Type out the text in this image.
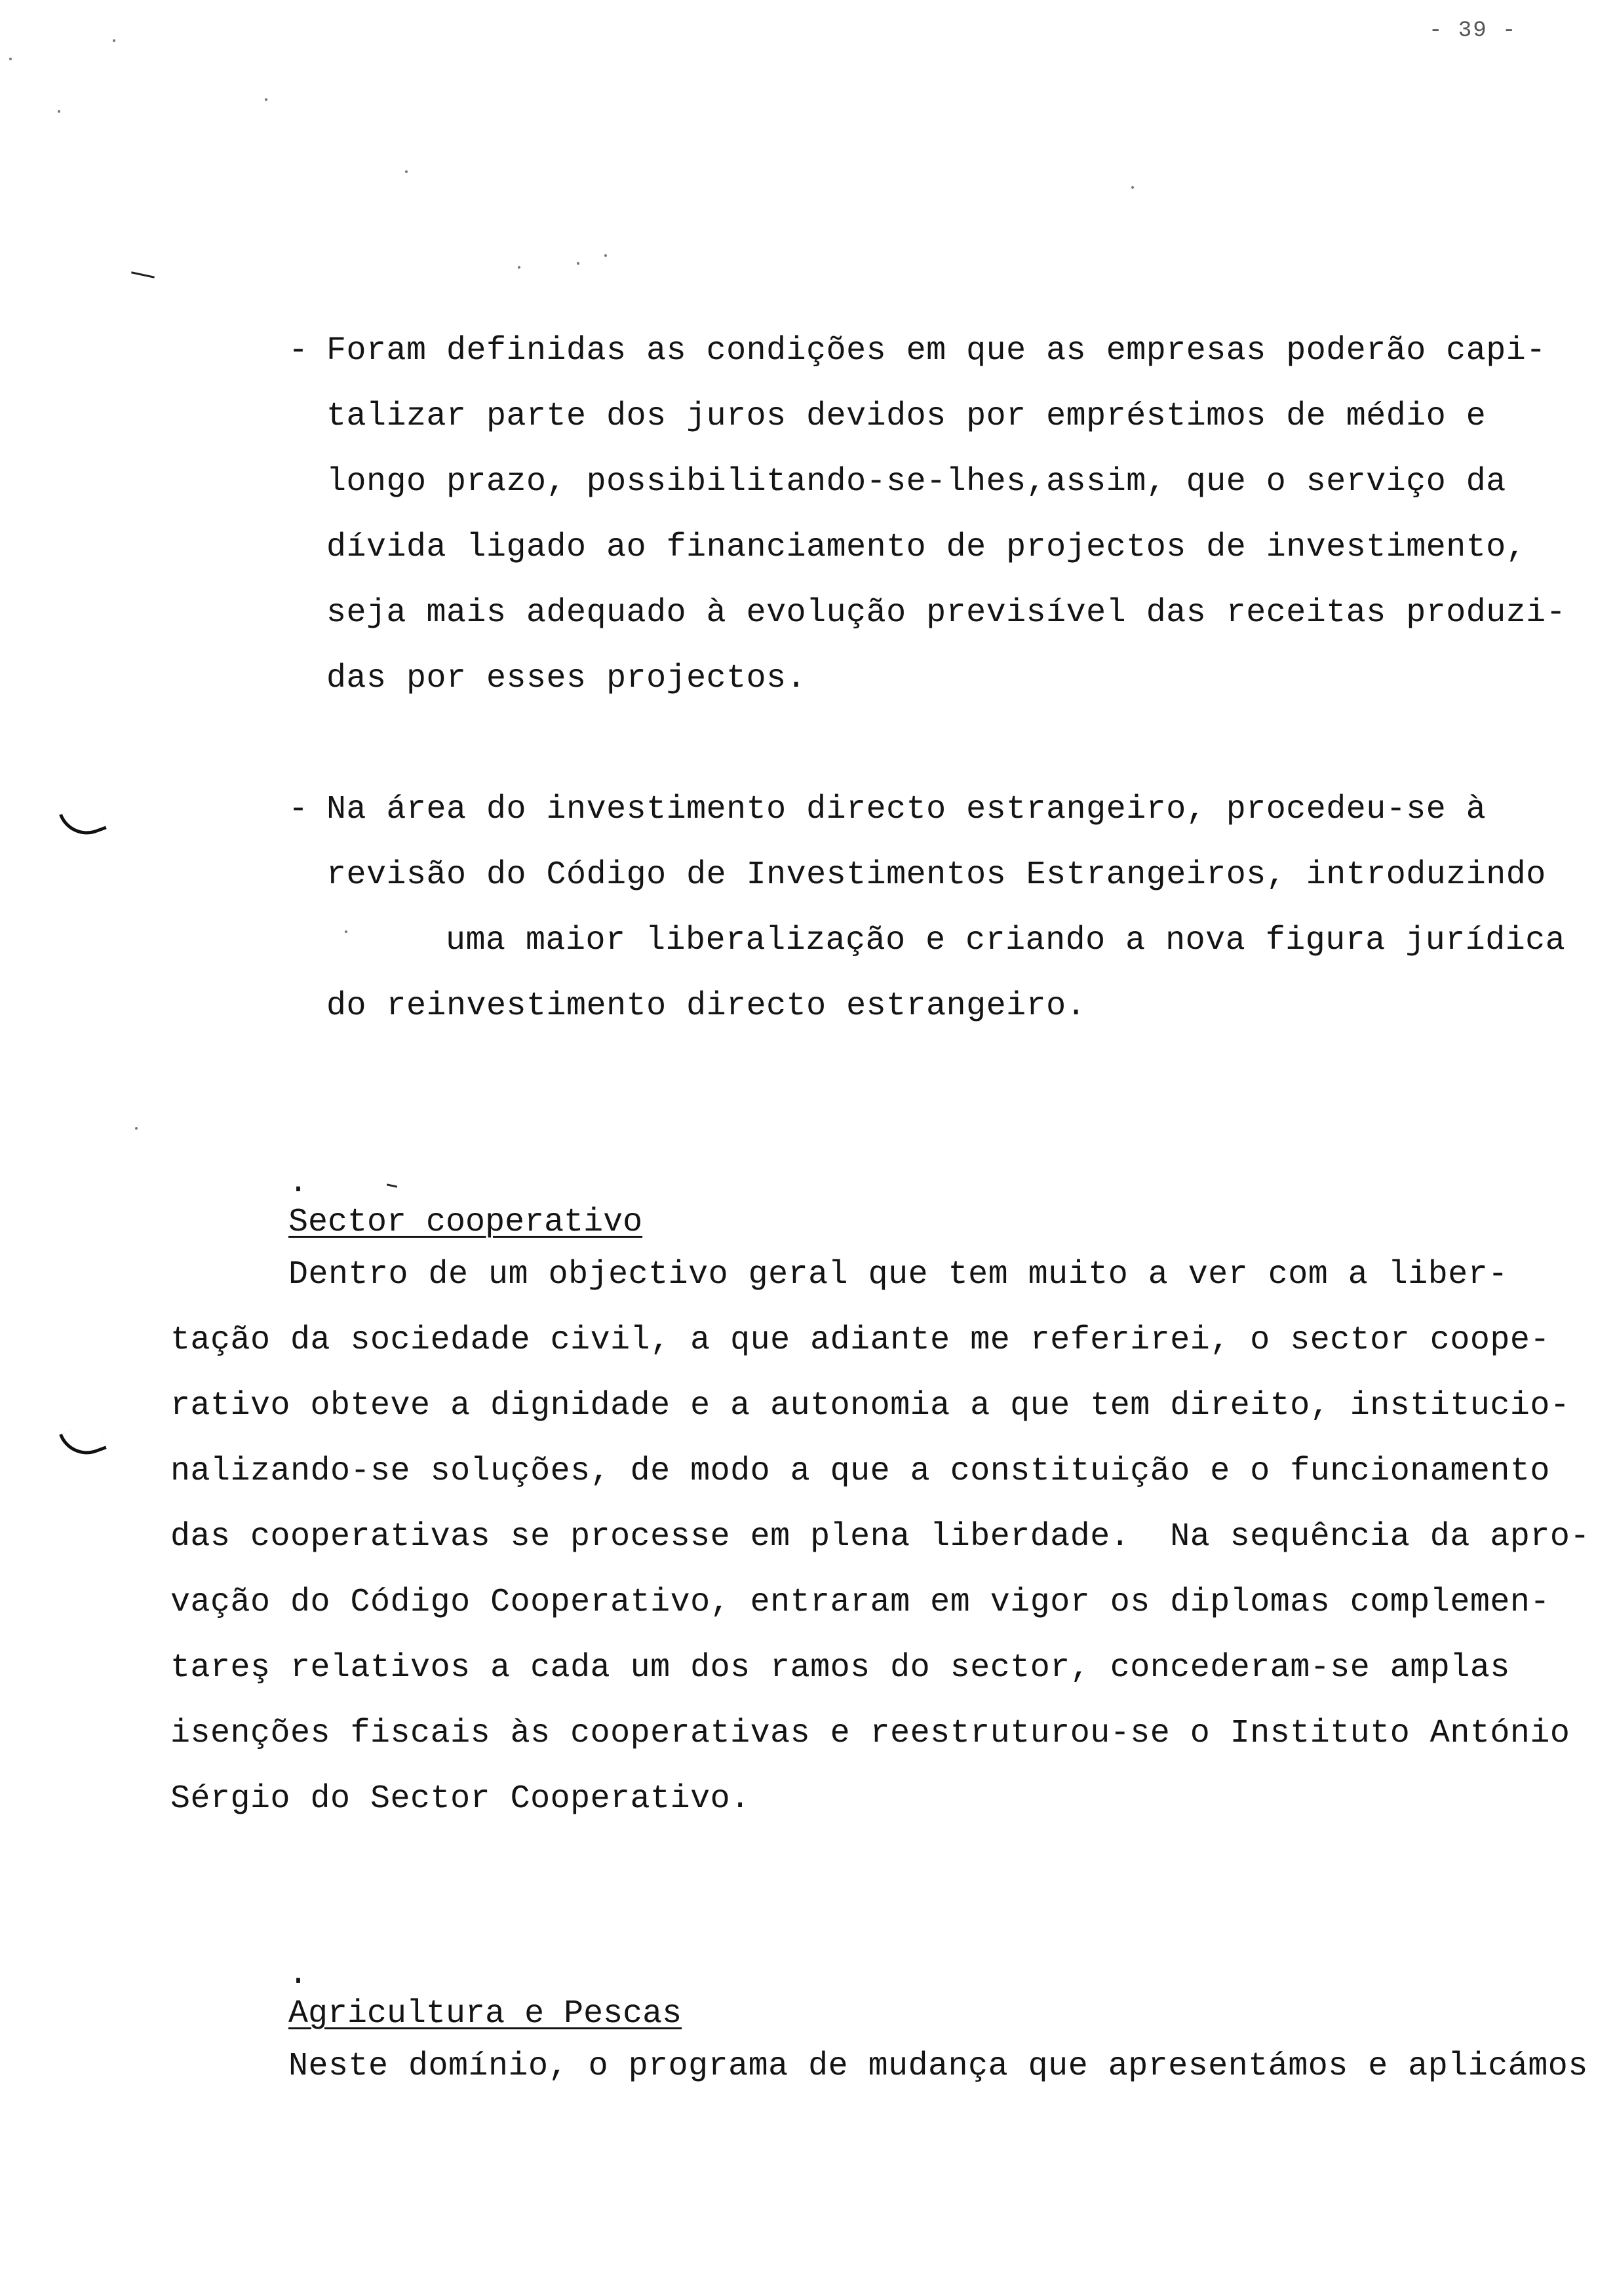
- 39 -
- Foram definidas as condições em que as empresas poderão capi-
talizar parte dos juros devidos por empréstimos de médio e
longo prazo, possibilitando-se-lhes,assim, que o serviço da
dívida ligado ao financiamento de projectos de investimento,
seja mais adequado à evolução previsível das receitas produzi-
das por esses projectos.
- Na área do investimento directo estrangeiro, procedeu-se à
revisão do Código de Investimentos Estrangeiros, introduzindo
uma maior liberalização e criando a nova figura jurídica
do reinvestimento directo estrangeiro.

.
Sector cooperativo

Dentro de um objectivo geral que tem muito a ver com a liber-
tação da sociedade civil, a que adiante me referirei, o sector coope-
rativo obteve a dignidade e a autonomia a que tem direito, institucio-
nalizando-se soluções, de modo a que a constituição e o funcionamento
das cooperativas se processe em plena liberdade.  Na sequência da apro-
vação do Código Cooperativo, entraram em vigor os diplomas complemen-
tareş relativos a cada um dos ramos do sector, concederam-se amplas
isenções fiscais às cooperativas e reestruturou-se o Instituto António
Sérgio do Sector Cooperativo.

.
Agricultura e Pescas

Neste domínio, o programa de mudança que apresentámos e aplicámos
